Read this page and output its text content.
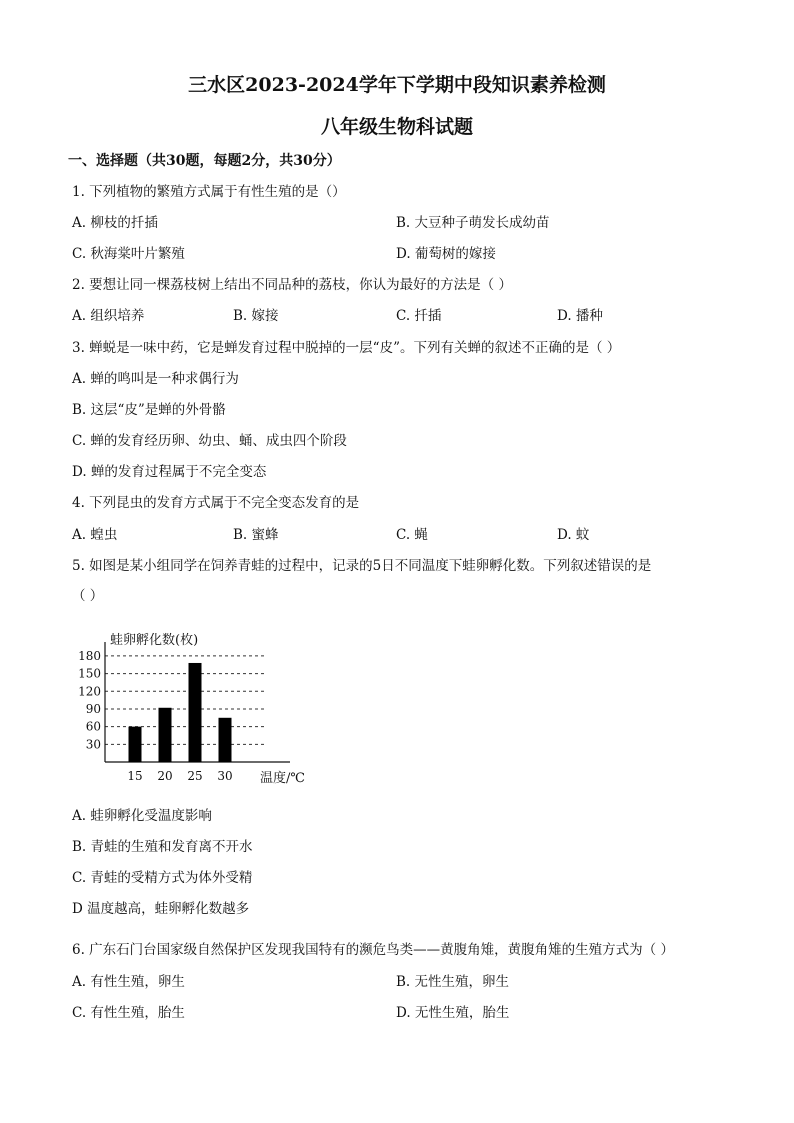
三水区2023-2024学年下学期中段知识素养检测
八年级生物科试题
一、选择题（共30题，每题2分，共30分）
1. 下列植物的繁殖方式属于有性生殖的是（）
A. 柳枝的扦插	B. 大豆种子萌发长成幼苗
C. 秋海棠叶片繁殖	D. 葡萄树的嫁接
2. 要想让同一棵荔枝树上结出不同品种的荔枝，你认为最好的方法是（ ）
A. 组织培养	B. 嫁接	C. 扦插	D. 播种
3. 蝉蜕是一味中药，它是蝉发育过程中脱掉的一层“皮”。下列有关蝉的叙述不正确的是（ ）
A. 蝉的鸣叫是一种求偶行为
B. 这层“皮”是蝉的外骨骼
C. 蝉的发育经历卵、幼虫、蛹、成虫四个阶段
D. 蝉的发育过程属于不完全变态
4. 下列昆虫的发育方式属于不完全变态发育的是
A. 蝗虫	B. 蜜蜂	C. 蝇	D. 蚊
5. 如图是某小组同学在饲养青蛙的过程中，记录的5日不同温度下蛙卵孵化数。下列叙述错误的是
（ ）
30
60
90
120
150
180
蛙卵孵化数(枚)
15 20 25 30 温度/℃
A. 蛙卵孵化受温度影响
B. 青蛙的生殖和发育离不开水
C. 青蛙的受精方式为体外受精
D 温度越高，蛙卵孵化数越多
6. 广东石门台国家级自然保护区发现我国特有的濒危鸟类——黄腹角雉，黄腹角雉的生殖方式为（ ）
A. 有性生殖，卵生	B. 无性生殖，卵生
C. 有性生殖，胎生	D. 无性生殖，胎生
